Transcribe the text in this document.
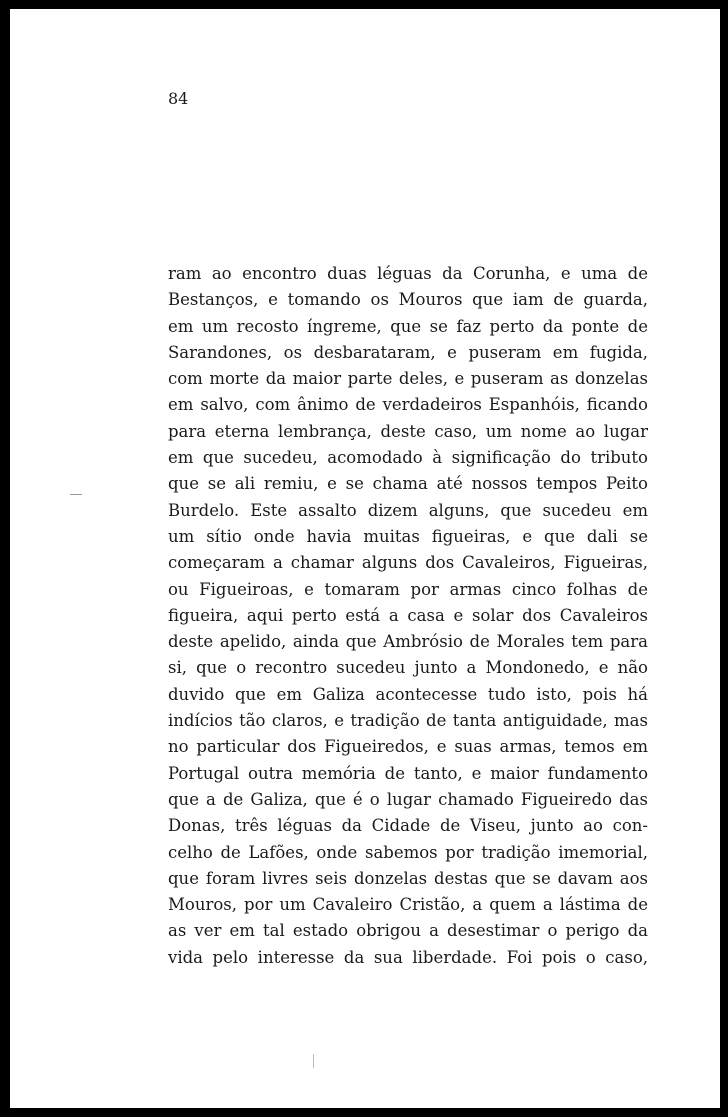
84

ram ao encontro duas léguas da Corunha, e uma de
Bestanços, e tomando os Mouros que iam de guarda,
em um recosto íngreme, que se faz perto da ponte de
Sarandones, os desbarataram, e puseram em fugida,
com morte da maior parte deles, e puseram as donzelas
em salvo, com ânimo de verdadeiros Espanhóis, ficando
para eterna lembrança, deste caso, um nome ao lugar
em que sucedeu, acomodado à significação do tributo
que se ali remiu, e se chama até nossos tempos Peito
Burdelo. Este assalto dizem alguns, que sucedeu em
um sítio onde havia muitas figueiras, e que dali se
começaram a chamar alguns dos Cavaleiros, Figueiras,
ou Figueiroas, e tomaram por armas cinco folhas de
figueira, aqui perto está a casa e solar dos Cavaleiros
deste apelido, ainda que Ambrósio de Morales tem para
si, que o recontro sucedeu junto a Mondonedo, e não
duvido que em Galiza acontecesse tudo isto, pois há
indícios tão claros, e tradição de tanta antiguidade, mas
no particular dos Figueiredos, e suas armas, temos em
Portugal outra memória de tanto, e maior fundamento
que a de Galiza, que é o lugar chamado Figueiredo das
Donas, três léguas da Cidade de Viseu, junto ao con-
celho de Lafões, onde sabemos por tradição imemorial,
que foram livres seis donzelas destas que se davam aos
Mouros, por um Cavaleiro Cristão, a quem a lástima de
as ver em tal estado obrigou a desestimar o perigo da
vida pelo interesse da sua liberdade. Foi pois o caso,
